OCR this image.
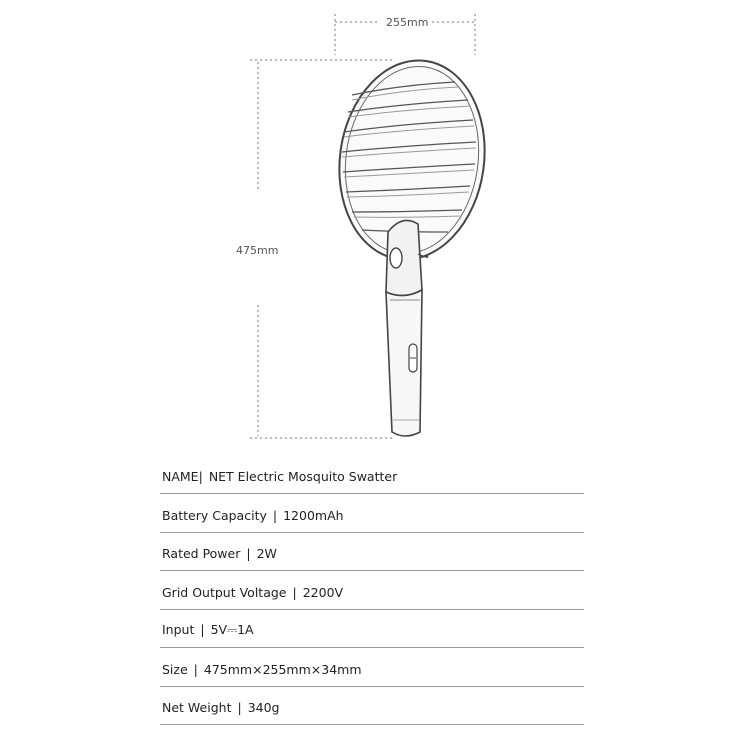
255mm
475mm
NAME| NET Electric Mosquito Swatter
Battery Capacity | 1200mAh
Rated Power | 2W
Grid Output Voltage | 2200V
Input | 5V⎓1A
Size | 475mm×255mm×34mm
Net Weight | 340g
